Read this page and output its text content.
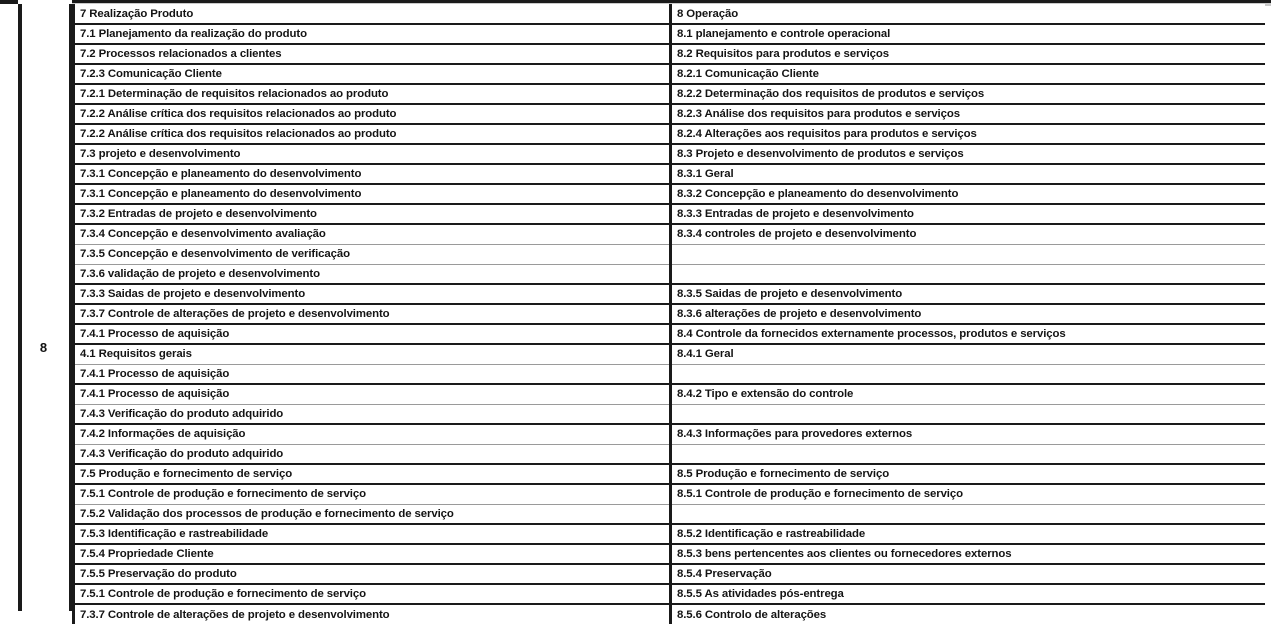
8
7 Realização Produto	8 Operação
7.1 Planejamento da realização do produto	8.1 planejamento e controle operacional
7.2 Processos relacionados a clientes	8.2 Requisitos para produtos e serviços
7.2.3 Comunicação Cliente	8.2.1 Comunicação Cliente
7.2.1 Determinação de requisitos relacionados ao produto	8.2.2 Determinação dos requisitos de produtos e serviços
7.2.2 Análise crítica dos requisitos relacionados ao produto	8.2.3 Análise dos requisitos para produtos e serviços
7.2.2 Análise crítica dos requisitos relacionados ao produto	8.2.4 Alterações aos requisitos para produtos e serviços
7.3 projeto e desenvolvimento	8.3 Projeto e desenvolvimento de produtos e serviços
7.3.1 Concepção e planeamento do desenvolvimento	8.3.1 Geral
7.3.1 Concepção e planeamento do desenvolvimento	8.3.2 Concepção e planeamento do desenvolvimento
7.3.2 Entradas de projeto e desenvolvimento	8.3.3 Entradas de projeto e desenvolvimento
7.3.4 Concepção e desenvolvimento avaliação	8.3.4 controles de projeto e desenvolvimento
7.3.5 Concepção e desenvolvimento de verificação	
7.3.6 validação de projeto e desenvolvimento	
7.3.3 Saidas de projeto e desenvolvimento	8.3.5 Saidas de projeto e desenvolvimento
7.3.7 Controle de alterações de projeto e desenvolvimento	8.3.6 alterações de projeto e desenvolvimento
7.4.1 Processo de aquisição	8.4 Controle da fornecidos externamente processos, produtos e serviços
4.1 Requisitos gerais	8.4.1 Geral
7.4.1 Processo de aquisição	
7.4.1 Processo de aquisição	8.4.2 Tipo e extensão do controle
7.4.3 Verificação do produto adquirido	
7.4.2 Informações de aquisição	8.4.3 Informações para provedores externos
7.4.3 Verificação do produto adquirido	
7.5 Produção e fornecimento de serviço	8.5 Produção e fornecimento de serviço
7.5.1 Controle de produção e fornecimento de serviço	8.5.1 Controle de produção e fornecimento de serviço
7.5.2 Validação dos processos de produção e fornecimento de serviço	
7.5.3 Identificação e rastreabilidade	8.5.2 Identificação e rastreabilidade
7.5.4 Propriedade Cliente	8.5.3 bens pertencentes aos clientes ou fornecedores externos
7.5.5 Preservação do produto	8.5.4 Preservação
7.5.1 Controle de produção e fornecimento de serviço	8.5.5 As atividades pós-entrega
7.3.7 Controle de alterações de projeto e desenvolvimento	8.5.6 Controlo de alterações
